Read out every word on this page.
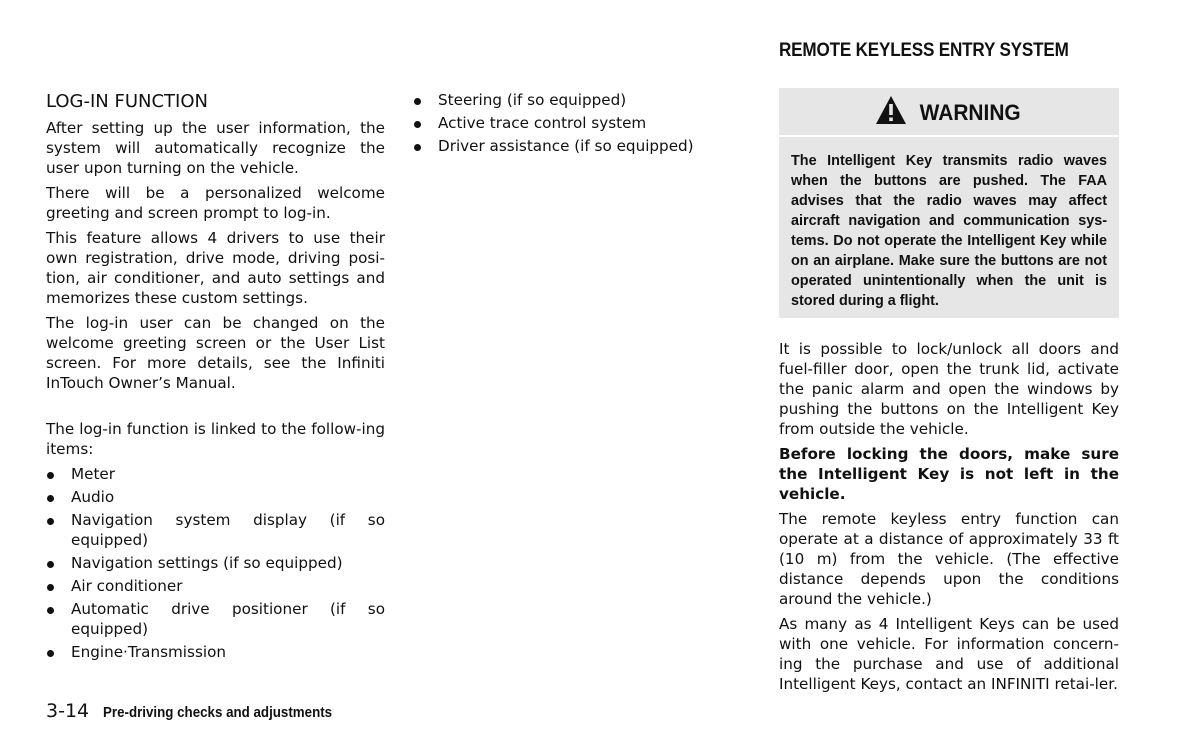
REMOTE KEYLESS ENTRY SYSTEM
LOG-IN FUNCTION

After setting up the user information, the system will automatically recognize the user upon turning on the vehicle.

There will be a personalized welcome greeting and screen prompt to log-in.

This feature allows 4 drivers to use their own registration, drive mode, driving posi-tion, air conditioner, and auto settings and memorizes these custom settings.

The log-in user can be changed on the welcome greeting screen or the User List screen. For more details, see the Infiniti InTouch Owner’s Manual.

The log-in function is linked to the follow-ing items:

Meter
Audio
Navigation system display (if so equipped)
Navigation settings (if so equipped)
Air conditioner
Automatic drive positioner (if so equipped)
Engine·Transmission
Steering (if so equipped)
Active trace control system
Driver assistance (if so equipped)
WARNING
The Intelligent Key transmits radio waves when the buttons are pushed. The FAA advises that the radio waves may affect aircraft navigation and communication sys-tems. Do not operate the Intelligent Key while on an airplane. Make sure the buttons are not operated unintentionally when the unit is stored during a flight.

It is possible to lock/unlock all doors and fuel-filler door, open the trunk lid, activate the panic alarm and open the windows by pushing the buttons on the Intelligent Key from outside the vehicle.

Before locking the doors, make sure the Intelligent Key is not left in the vehicle.

The remote keyless entry function can operate at a distance of approximately 33 ft (10 m) from the vehicle. (The effective distance depends upon the conditions around the vehicle.)

As many as 4 Intelligent Keys can be used with one vehicle. For information concern-ing the purchase and use of additional Intelligent Keys, contact an INFINITI retai-ler.

3-14 Pre-driving checks and adjustments
